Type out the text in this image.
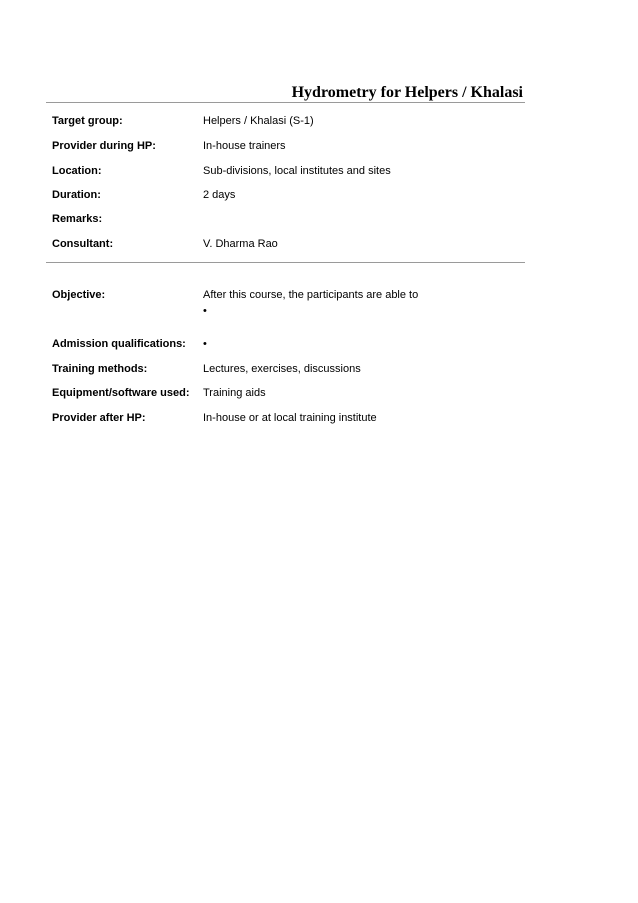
Hydrometry for Helpers / Khalasi
Target group:	Helpers / Khalasi (S-1)
Provider during HP:	In-house trainers
Location:	Sub-divisions, local institutes and sites
Duration:	2 days
Remarks:
Consultant:	V. Dharma Rao
Objective:	After this course, the participants are able to
•
Admission qualifications: •
Training methods:	Lectures, exercises, discussions
Equipment/software used: Training aids
Provider after HP:	In-house or at local training institute
